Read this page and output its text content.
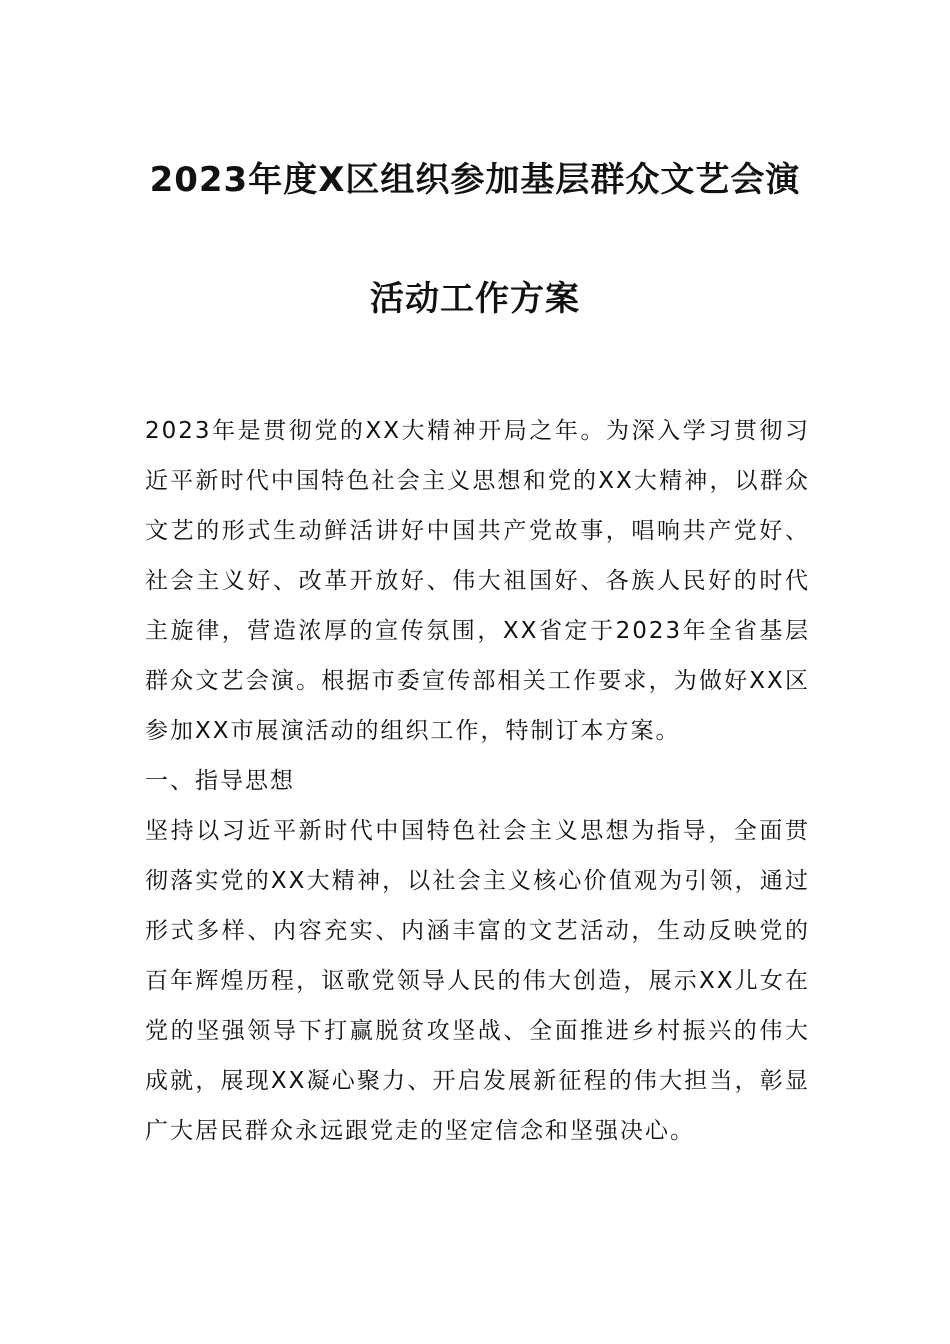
2023年度X区组织参加基层群众文艺会演
活动工作方案

2023年是贯彻党的XX大精神开局之年。为深入学习贯彻习近平新时代中国特色社会主义思想和党的XX大精神，以群众文艺的形式生动鲜活讲好中国共产党故事，唱响共产党好、社会主义好、改革开放好、伟大祖国好、各族人民好的时代主旋律，营造浓厚的宣传氛围，XX省定于2023年全省基层群众文艺会演。根据市委宣传部相关工作要求，为做好XX区参加XX市展演活动的组织工作，特制订本方案。

一、指导思想

坚持以习近平新时代中国特色社会主义思想为指导，全面贯彻落实党的XX大精神，以社会主义核心价值观为引领，通过形式多样、内容充实、内涵丰富的文艺活动，生动反映党的百年辉煌历程，讴歌党领导人民的伟大创造，展示XX儿女在党的坚强领导下打赢脱贫攻坚战、全面推进乡村振兴的伟大成就，展现XX凝心聚力、开启发展新征程的伟大担当，彰显广大居民群众永远跟党走的坚定信念和坚强决心。
